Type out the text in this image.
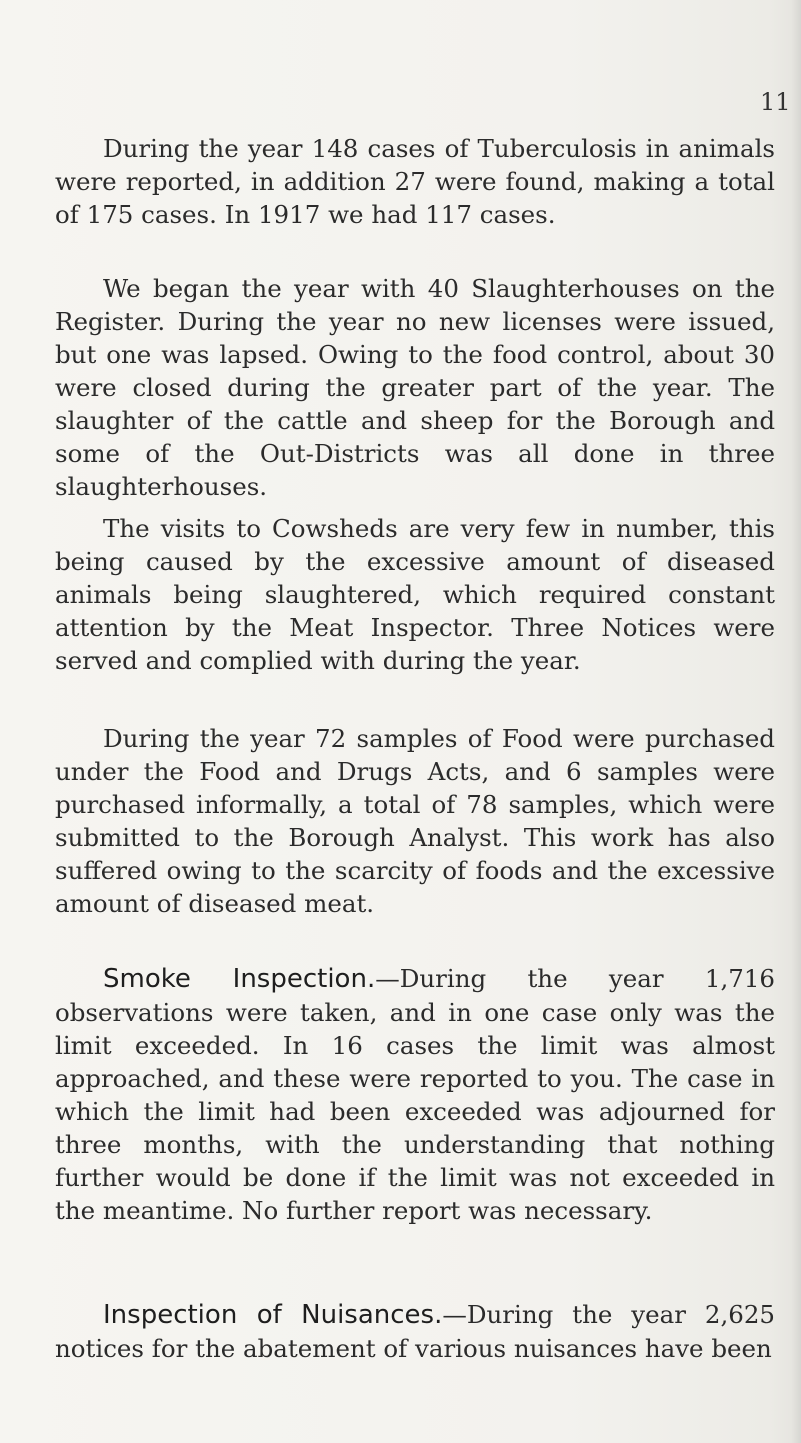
11
During the year 148 cases of Tuberculosis in animals were reported, in addition 27 were found, making a total of 175 cases. In 1917 we had 117 cases.
We began the year with 40 Slaughterhouses on the Register. During the year no new licenses were issued, but one was lapsed. Owing to the food control, about 30 were closed during the greater part of the year. The slaughter of the cattle and sheep for the Borough and some of the Out-Districts was all done in three slaughterhouses.
The visits to Cowsheds are very few in number, this being caused by the excessive amount of diseased animals being slaughtered, which required constant attention by the Meat Inspector. Three Notices were served and complied with during the year.
During the year 72 samples of Food were purchased under the Food and Drugs Acts, and 6 samples were purchased informally, a total of 78 samples, which were submitted to the Borough Analyst. This work has also suffered owing to the scarcity of foods and the excessive amount of diseased meat.
Smoke Inspection.—During the year 1,716 observations were taken, and in one case only was the limit exceeded. In 16 cases the limit was almost approached, and these were reported to you. The case in which the limit had been exceeded was adjourned for three months, with the understanding that nothing further would be done if the limit was not exceeded in the meantime. No further report was necessary.
Inspection of Nuisances.—During the year 2,625 notices for the abatement of various nuisances have been
